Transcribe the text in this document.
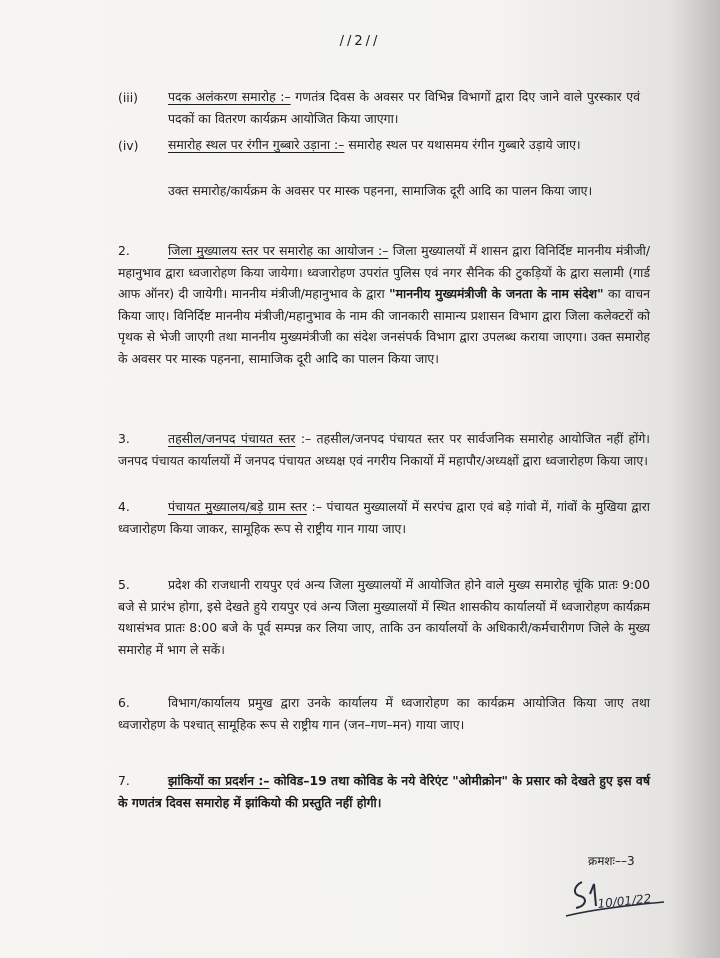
//2//
(iii) पदक अलंकरण समारोह :– गणतंत्र दिवस के अवसर पर विभिन्न विभागों द्वारा दिए जाने वाले पुरस्कार एवं पदकों का वितरण कार्यक्रम आयोजित किया जाएगा।
(iv) समारोह स्थल पर रंगीन गुब्बारे उड़ाना :– समारोह स्थल पर यथासमय रंगीन गुब्बारे उड़ाये जाए।
उक्त समारोह/कार्यक्रम के अवसर पर मास्क पहनना, सामाजिक दूरी आदि का पालन किया जाए।
2.	जिला मुख्यालय स्तर पर समारोह का आयोजन :– जिला मुख्यालयों में शासन द्वारा विनिर्दिष्ट माननीय मंत्रीजी/महानुभाव द्वारा ध्वजारोहण किया जायेगा। ध्वजारोहण उपरांत पुलिस एवं नगर सैनिक की टुकड़ियों के द्वारा सलामी (गार्ड आफ ऑनर) दी जायेगी। माननीय मंत्रीजी/महानुभाव के द्वारा "माननीय मुख्यमंत्रीजी के जनता के नाम संदेश" का वाचन किया जाए। विनिर्दिष्ट माननीय मंत्रीजी/महानुभाव के नाम की जानकारी सामान्य प्रशासन विभाग द्वारा जिला कलेक्टरों को पृथक से भेजी जाएगी तथा माननीय मुख्यमंत्रीजी का संदेश जनसंपर्क विभाग द्वारा उपलब्ध कराया जाएगा। उक्त समारोह के अवसर पर मास्क पहनना, सामाजिक दूरी आदि का पालन किया जाए।
3.	तहसील/जनपद पंचायत स्तर :– तहसील/जनपद पंचायत स्तर पर सार्वजनिक समारोह आयोजित नहीं होंगे। जनपद पंचायत कार्यालयों में जनपद पंचायत अध्यक्ष एवं नगरीय निकायों में महापौर/अध्यक्षों द्वारा ध्वजारोहण किया जाए।
4.	पंचायत मुख्यालय/बड़े ग्राम स्तर :– पंचायत मुख्यालयों में सरपंच द्वारा एवं बड़े गांवो में, गांवों के मुखिया द्वारा ध्वजारोहण किया जाकर, सामूहिक रूप से राष्ट्रीय गान गाया जाए।
5.	प्रदेश की राजधानी रायपुर एवं अन्य जिला मुख्यालयों में आयोजित होने वाले मुख्य समारोह चूंकि प्रातः 9:00 बजे से प्रारंभ होगा, इसे देखते हुये रायपुर एवं अन्य जिला मुख्यालयों में स्थित शासकीय कार्यालयों में ध्वजारोहण कार्यक्रम यथासंभव प्रातः 8:00 बजे के पूर्व सम्पन्न कर लिया जाए, ताकि उन कार्यालयों के अधिकारी/कर्मचारीगण जिले के मुख्य समारोह में भाग ले सकें।
6.	विभाग/कार्यालय प्रमुख द्वारा उनके कार्यालय में ध्वजारोहण का कार्यक्रम आयोजित किया जाए तथा ध्वजारोहण के पश्चात् सामूहिक रूप से राष्ट्रीय गान (जन–गण–मन) गाया जाए।
7.	झांकियों का प्रदर्शन :– कोविड–19 तथा कोविड के नये वेरिएंट "ओमीक्रोन" के प्रसार को देखते हुए इस वर्ष के गणतंत्र दिवस समारोह में झांकियो की प्रस्तुति नहीं होगी।
क्रमशः––3
10/01/22
